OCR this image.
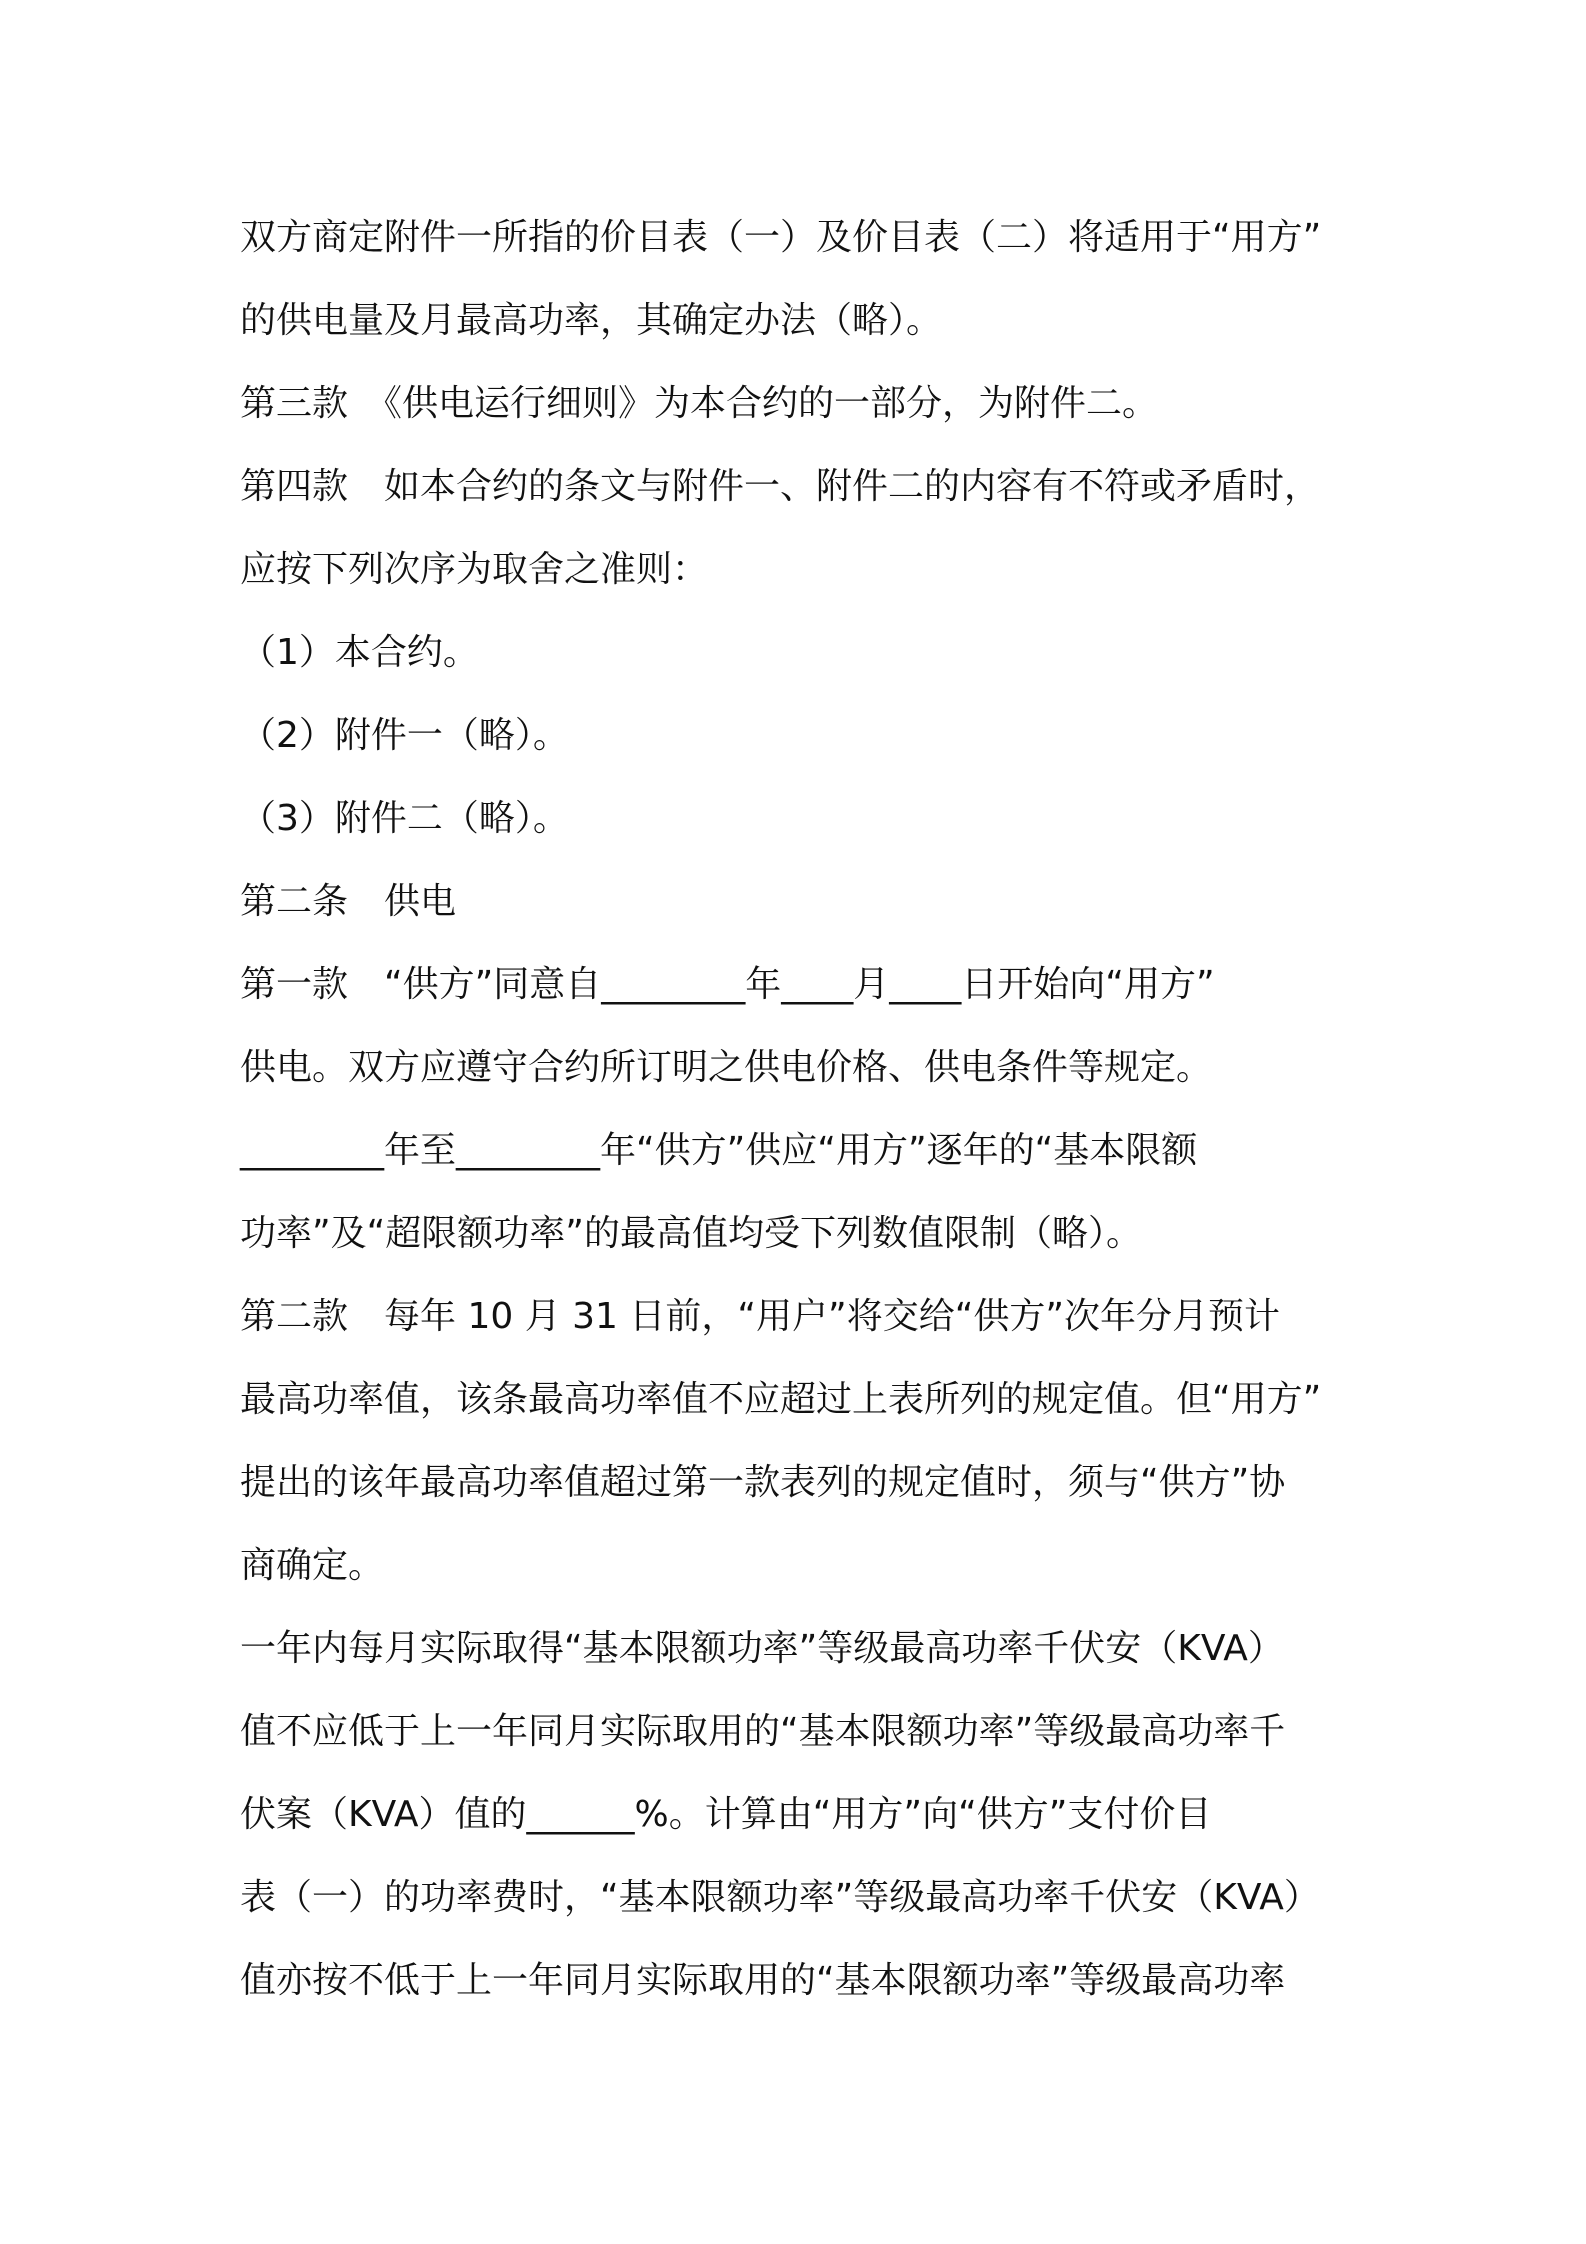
双方商定附件一所指的价目表（一）及价目表（二）将适用于“用方”
的供电量及月最高功率，其确定办法（略）。
第三款　《供电运行细则》为本合约的一部分，为附件二。
第四款　如本合约的条文与附件一、附件二的内容有不符或矛盾时，
应按下列次序为取舍之准则：
（1）本合约。
（2）附件一（略）。
（3）附件二（略）。
第二条　供电
第一款　“供方”同意自________年____月____日开始向“用方”
供电。双方应遵守合约所订明之供电价格、供电条件等规定。
________年至________年“供方”供应“用方”逐年的“基本限额
功率”及“超限额功率”的最高值均受下列数值限制（略）。
第二款　每年 10 月 31 日前，“用户”将交给“供方”次年分月预计
最高功率值，该条最高功率值不应超过上表所列的规定值。但“用方”
提出的该年最高功率值超过第一款表列的规定值时，须与“供方”协
商确定。
一年内每月实际取得“基本限额功率”等级最高功率千伏安（KVA）
值不应低于上一年同月实际取用的“基本限额功率”等级最高功率千
伏案（KVA）值的______%。计算由“用方”向“供方”支付价目
表（一）的功率费时，“基本限额功率”等级最高功率千伏安（KVA）
值亦按不低于上一年同月实际取用的“基本限额功率”等级最高功率
